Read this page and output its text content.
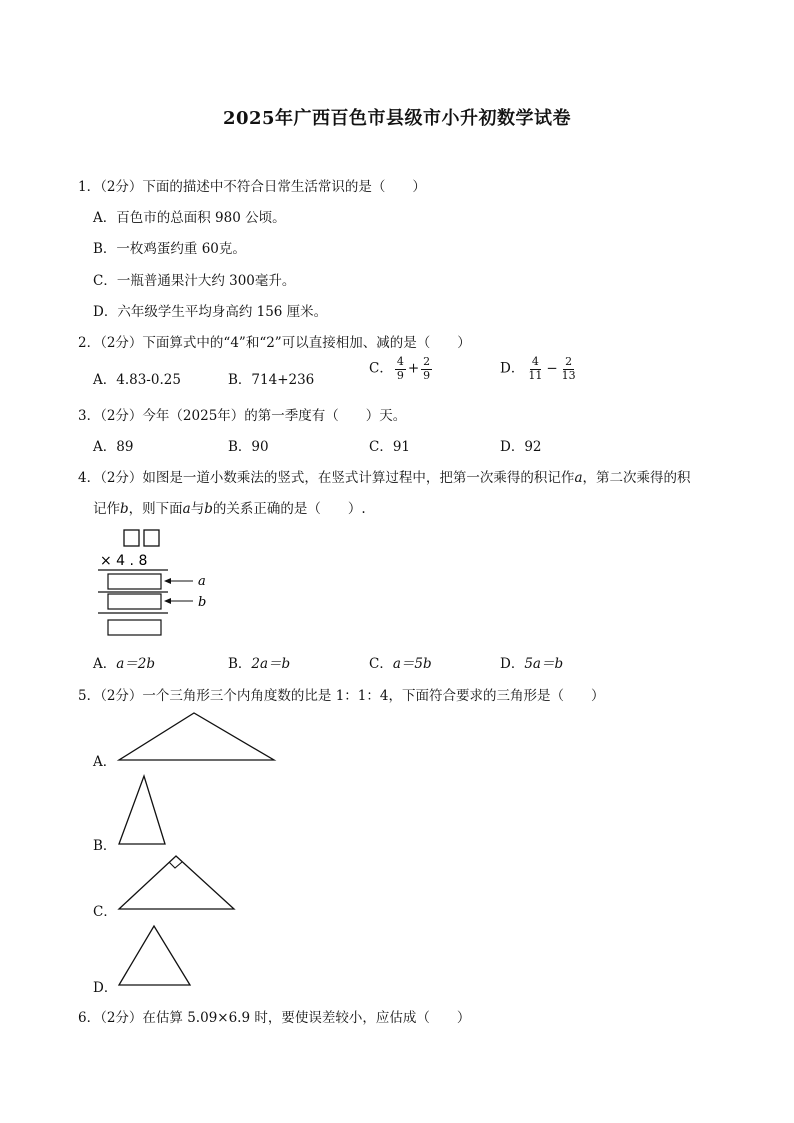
2025年广西百色市县级市小升初数学试卷
1．（2分）下面的描述中不符合日常生活常识的是（　　）
A．百色市的总面积 980 公顷。
B．一枚鸡蛋约重 60克。
C．一瓶普通果汁大约 300毫升。
D．六年级学生平均身高约 156 厘米。
2．（2分）下面算式中的“4”和“2”可以直接相加、减的是（　　）
A．4.83-0.25	B．714+236
C． $\frac{4}{9} + \frac{2}{9}$	D． $\frac{4}{11} - \frac{2}{13}$
3．（2分）今年（2025年）的第一季度有（　　）天。
A．89	B．90	C．91	D．92
4．（2分）如图是一道小数乘法的竖式，在竖式计算过程中，把第一次乘得的积记作a，第二次乘得的积
记作b，则下面a与b的关系正确的是（　　）.
× 4 . 8
a
b
A．a＝2b	B．2a＝b	C．a＝5b	D．5a＝b
5．（2分）一个三角形三个内角度数的比是 1：1：4，下面符合要求的三角形是（　　）
A．
B．
C．
D．
6．（2分）在估算 5.09×6.9 时，要使误差较小，应估成（　　）
